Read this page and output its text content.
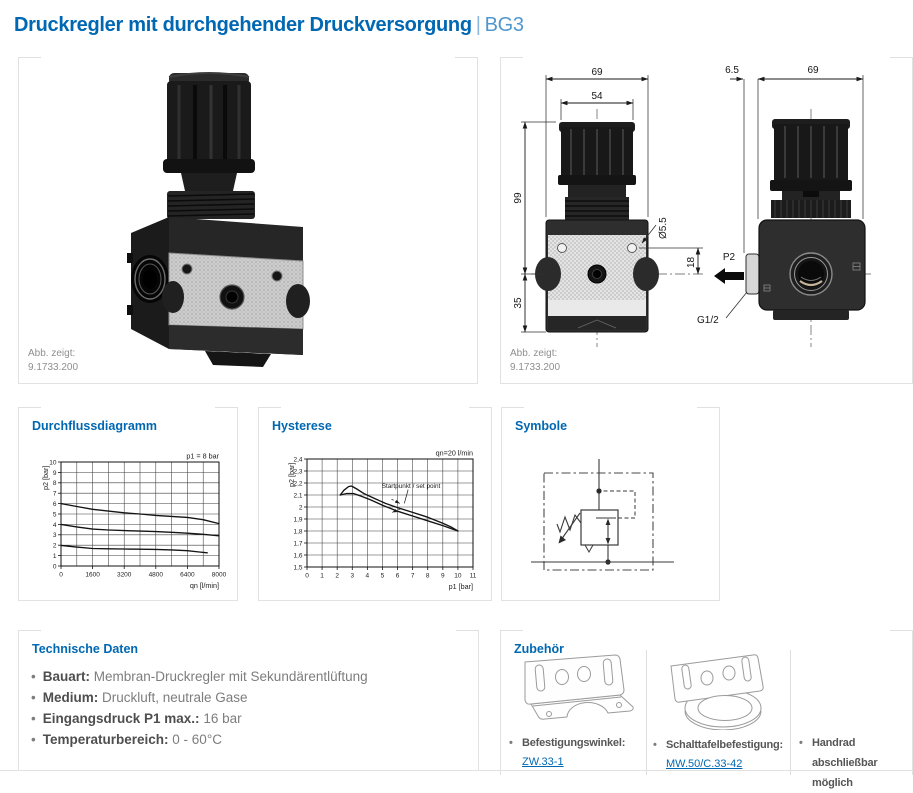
Druckregler mit durchgehender Druckversorgung | BG3
Abb. zeigt:
9.1733.200
69
54
99
35
Ø5.5
18	P2
G1/2
6.5	69
Abb. zeigt:
9.1733.200
Durchflussdiagramm
0	1600	3200	4800	6400	8000
0
1
2
3
4
5
6
7
8
9
10
p1 = 8 bar
qn [l/min]
p2 [bar]
Hysterese
0 1 2 3 4 5 6 7 8 9 10 11
1,5
1,6
1,7
1,8
1,9
2
2,1
2,2
2,3
2,4
qn=20 l/min
p1 [bar]
p2 [bar]	Startpunkt / set point
Symbole
Technische Daten
• Bauart: Membran-Druckregler mit Sekundärentlüftung
• Medium: Druckluft, neutrale Gase
• Eingangsdruck P1 max.: 16 bar
• Temperaturbereich: 0 - 60°C
Zubehör
• Befestigungswinkel:
ZW.33-1
• Schalttafelbefestigung:
MW.50/C.33-42
• Handrad abschließbar möglich
